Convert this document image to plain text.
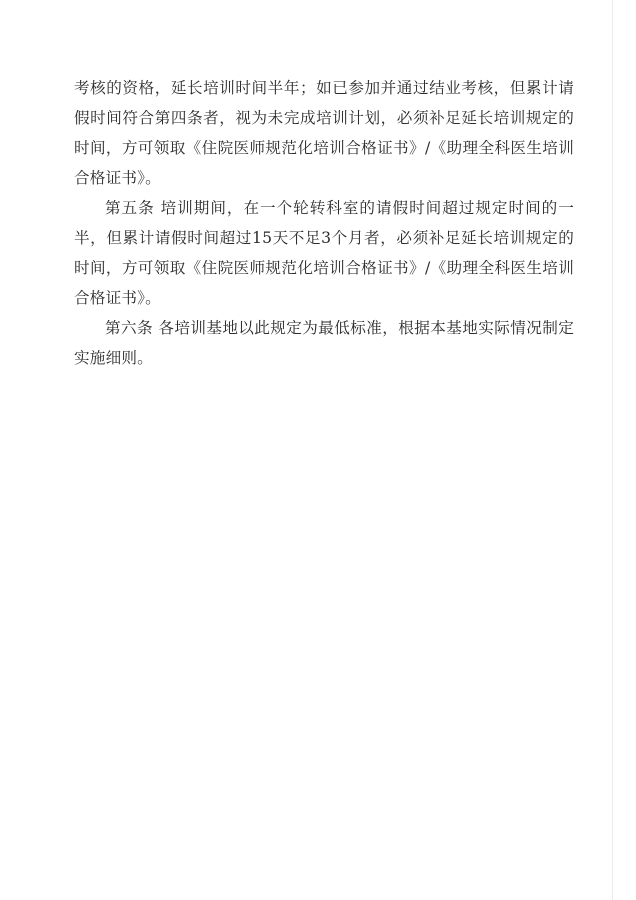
考核的资格，延长培训时间半年；如已参加并通过结业考核，但累计请假时间符合第四条者，视为未完成培训计划，必须补足延长培训规定的时间，方可领取《住院医师规范化培训合格证书》/《助理全科医生培训合格证书》。

第五条 培训期间，在一个轮转科室的请假时间超过规定时间的一半，但累计请假时间超过15天不足3个月者，必须补足延长培训规定的时间，方可领取《住院医师规范化培训合格证书》/《助理全科医生培训合格证书》。

第六条 各培训基地以此规定为最低标准，根据本基地实际情况制定实施细则。
